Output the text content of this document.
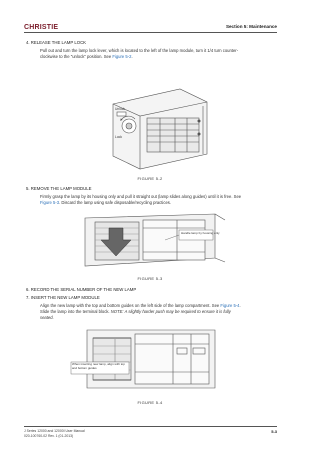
CHRISTIE	Section 5: Maintenance
4. RELEASE THE LAMP LOCK
Pull out and turn the lamp lock lever, which is located to the left of the lamp module, turn it 1/4 turn counter-
clockwise to the "unlock" position. See Figure 5-2.
Unlock
Lock
FIGURE 5-2
5. REMOVE THE LAMP MODULE
Firmly grasp the lamp by its housing only and pull it straight out (lamp slides along guides) until it is free. See
Figure 5-3. Discard the lamp using safe disposable/recycling practices.
Handle lamp by housing only
FIGURE 5-3
6. RECORD THE SERIAL NUMBER OF THE NEW LAMP
7. INSERT THE NEW LAMP MODULE
Align the new lamp with the top and bottom guides on the left side of the lamp compartment. See Figure 5-4.
Slide the lamp into the terminal block. NOTE: A slightly harder push may be required to ensure it is fully
seated.
When inserting new lamp, align with top and bottom guides
FIGURE 5-4
J Series 12000 and 12000I User Manual
020-100760-02 Rev. 1 (01-2013)
5-3
